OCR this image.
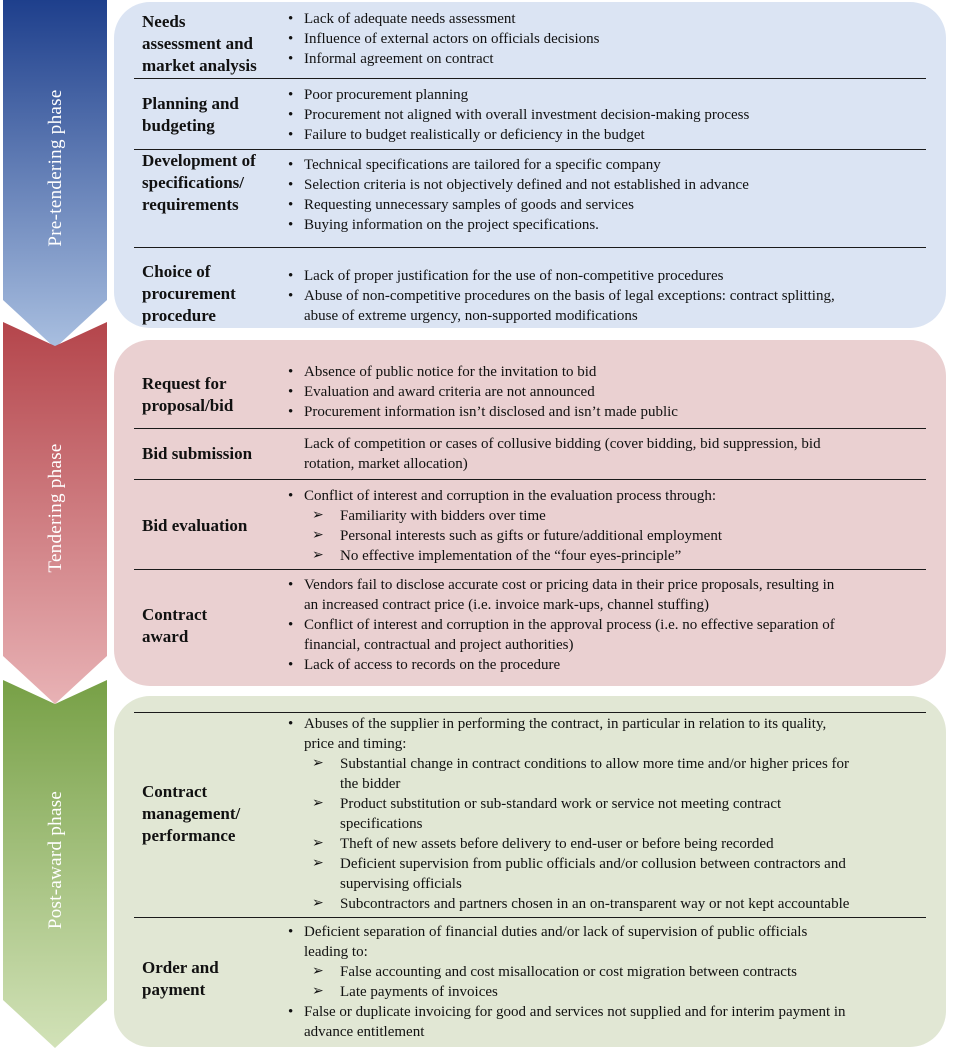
Pre-tendering phase
Tendering phase
Post-award phase
Needs
assessment and
market analysis
• Lack of adequate needs assessment
• Influence of external actors on officials decisions
• Informal agreement on contract
Planning and
budgeting
• Poor procurement planning
• Procurement not aligned with overall investment decision-making process
• Failure to budget realistically or deficiency in the budget
Development of
specifications/
requirements
• Technical specifications are tailored for a specific company
• Selection criteria is not objectively defined and not established in advance
• Requesting unnecessary samples of goods and services
• Buying information on the project specifications.
Choice of
procurement
procedure
• Lack of proper justification for the use of non-competitive procedures
• Abuse of non-competitive procedures on the basis of legal exceptions: contract splitting,
abuse of extreme urgency, non-supported modifications
Request for
proposal/bid
• Absence of public notice for the invitation to bid
• Evaluation and award criteria are not announced
• Procurement information isn’t disclosed and isn’t made public
Bid submission	Lack of competition or cases of collusive bidding (cover bidding, bid suppression, bid
rotation, market allocation)
Bid evaluation
• Conflict of interest and corruption in the evaluation process through:
➢ Familiarity with bidders over time
➢ Personal interests such as gifts or future/additional employment
➢ No effective implementation of the “four eyes-principle”
Contract
award
• Vendors fail to disclose accurate cost or pricing data in their price proposals, resulting in
an increased contract price (i.e. invoice mark-ups, channel stuffing)
• Conflict of interest and corruption in the approval process (i.e. no effective separation of
financial, contractual and project authorities)
• Lack of access to records on the procedure
Contract
management/
performance
• Abuses of the supplier in performing the contract, in particular in relation to its quality,
price and timing:
➢ Substantial change in contract conditions to allow more time and/or higher prices for
the bidder
➢ Product substitution or sub-standard work or service not meeting contract
specifications
➢ Theft of new assets before delivery to end-user or before being recorded
➢ Deficient supervision from public officials and/or collusion between contractors and
supervising officials
➢ Subcontractors and partners chosen in an on-transparent way or not kept accountable
Order and
payment
• Deficient separation of financial duties and/or lack of supervision of public officials
leading to:
➢ False accounting and cost misallocation or cost migration between contracts
➢ Late payments of invoices
• False or duplicate invoicing for good and services not supplied and for interim payment in
advance entitlement
